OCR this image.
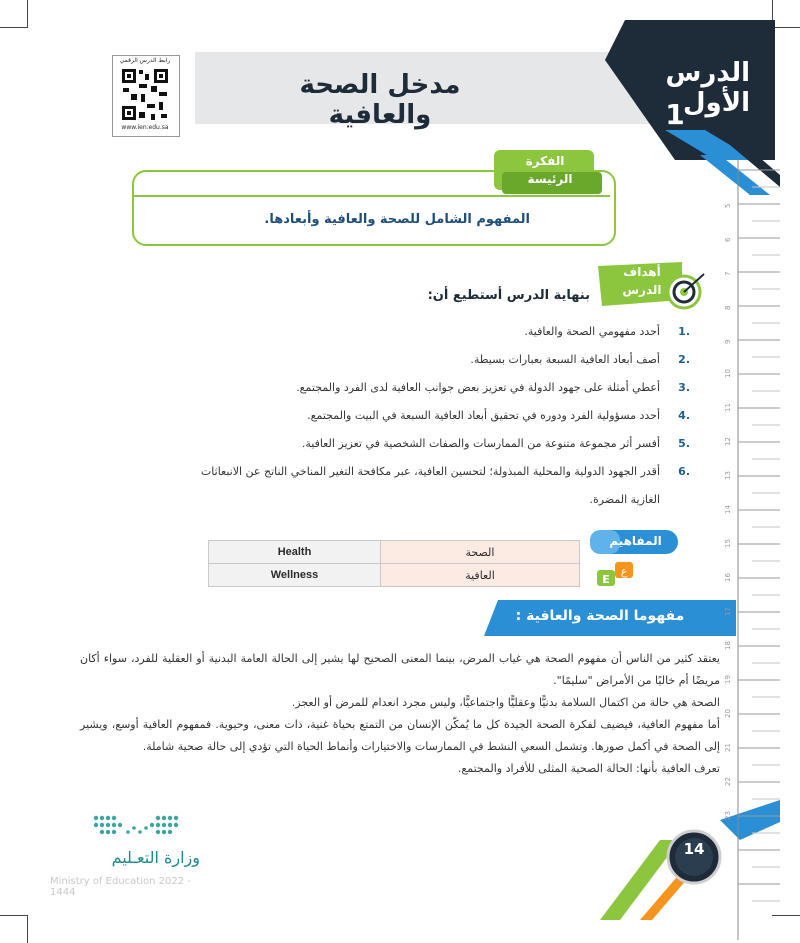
مدخل الصحة والعافية
الدرس الأول
1
رابط الدرس الرقمي
www.ien.edu.sa
الفكرة
الرئيسة
المفهوم الشامل للصحة والعافية وأبعادها.
أهداف
الدرس
بنهاية الدرس أستطيع أن:
.1
أحدد مفهومي الصحة والعافية.
.2
أصف أبعاد العافية السبعة بعبارات بسيطة.
.3
أعطي أمثلة على جهود الدولة في تعزيز بعض جوانب العافية لدى الفرد والمجتمع.
.4
أحدد مسؤولية الفرد ودوره في تحقيق أبعاد العافية السبعة في البيت والمجتمع.
.5
أفسر أثر مجموعة متنوعة من الممارسات والصفات الشخصية في تعزيز العافية.
.6
أقدر الجهود الدولية والمحلية المبذولة؛ لتحسين العافية، عبر مكافحة التغير المناخي الناتج عن الانبعاثات
الغازية المضرة.
المفاهيم
ع
E
Health	الصحة
Wellness	العافية
مفهوما الصحة والعافية :

يعتقد كثير من الناس أن مفهوم الصحة هي غياب المرض، بينما المعنى الصحيح لها يشير إلى الحالة العامة البدنية أو العقلية للفرد، سواء أكان مريضًا أم خاليًا من الأمراض "سليمًا".

الصحة هي حالة من اكتمال السلامة بدنيًّا وعقليًّا واجتماعيًّا، وليس مجرد انعدام للمرض أو العجز.

أما مفهوم العافية، فيضيف لفكرة الصحة الجيدة كل ما يُمكّن الإنسان من التمتع بحياة غنية، ذات معنى، وحيوية. فمفهوم العافية أوسع، ويشير إلى الصحة في أكمل صورها. وتشمل السعي النشط في الممارسات والاختيارات وأنماط الحياة التي تؤدي إلى حالة صحية شاملة.

تعرف العافية بأنها: الحالة الصحية المثلى للأفراد والمجتمع.

وزارة التعـليم
Ministry of Education 2022 - 1444
14
5
6
7
8
9
10
11
12
13
14
15
16
17
18
19
20
21
22
23
